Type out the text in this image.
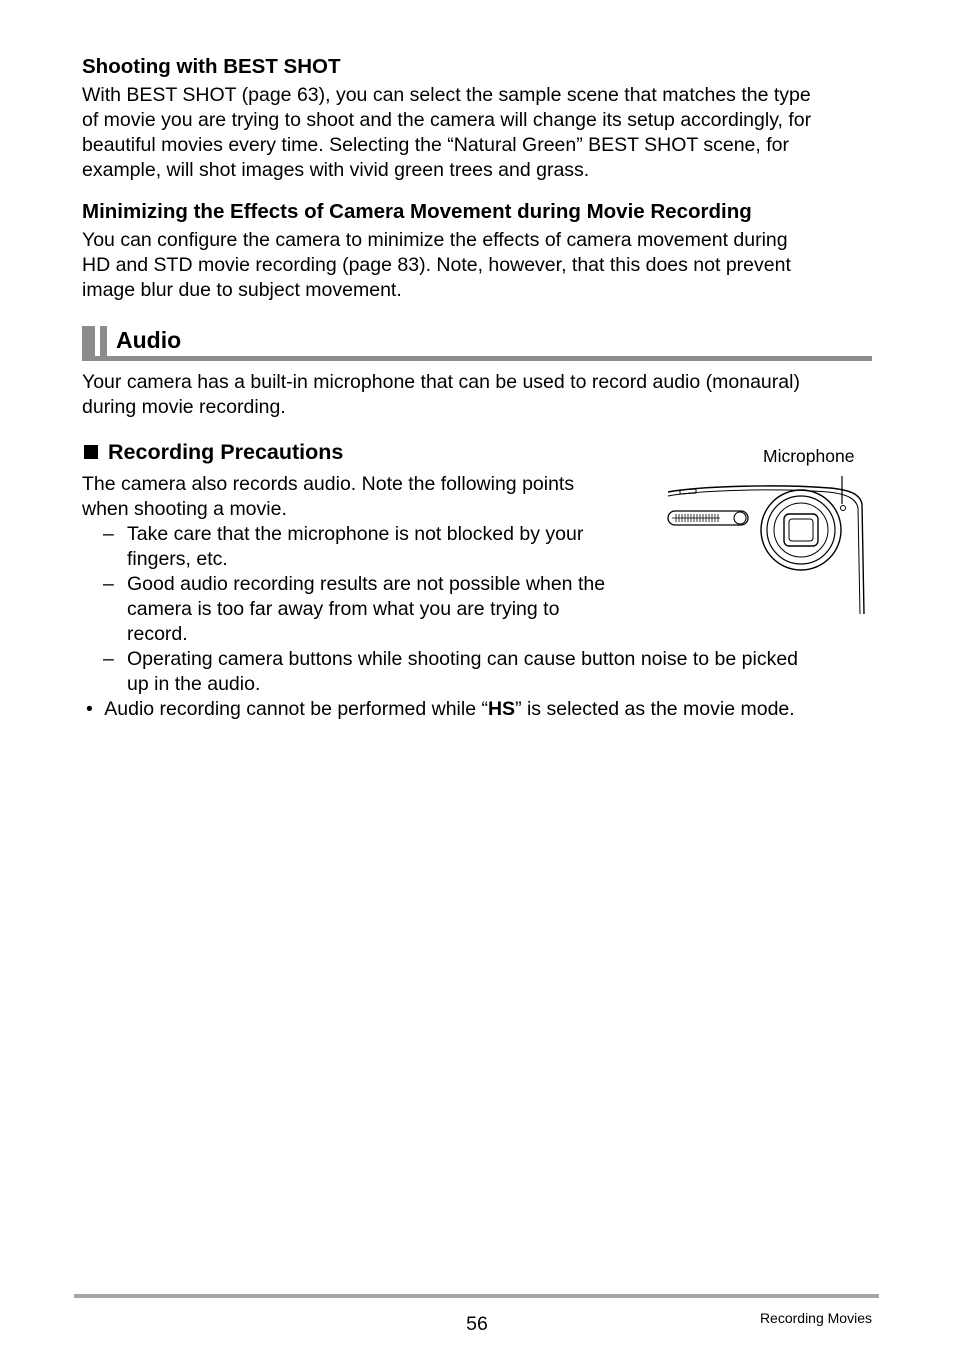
Shooting with BEST SHOT
With BEST SHOT (page 63), you can select the sample scene that matches the type
of movie you are trying to shoot and the camera will change its setup accordingly, for
beautiful movies every time. Selecting the “Natural Green” BEST SHOT scene, for
example, will shot images with vivid green trees and grass.
Minimizing the Effects of Camera Movement during Movie Recording
You can configure the camera to minimize the effects of camera movement during
HD and STD movie recording (page 83). Note, however, that this does not prevent
image blur due to subject movement.
Audio
Your camera has a built-in microphone that can be used to record audio (monaural)
during movie recording.
Recording Precautions
The camera also records audio. Note the following points
when shooting a movie.
– Take care that the microphone is not blocked by your
fingers, etc.
– Good audio recording results are not possible when the
camera is too far away from what you are trying to
record.
– Operating camera buttons while shooting can cause button noise to be picked
up in the audio.
• Audio recording cannot be performed while “HS” is selected as the movie mode.
Microphone
56	Recording Movies
